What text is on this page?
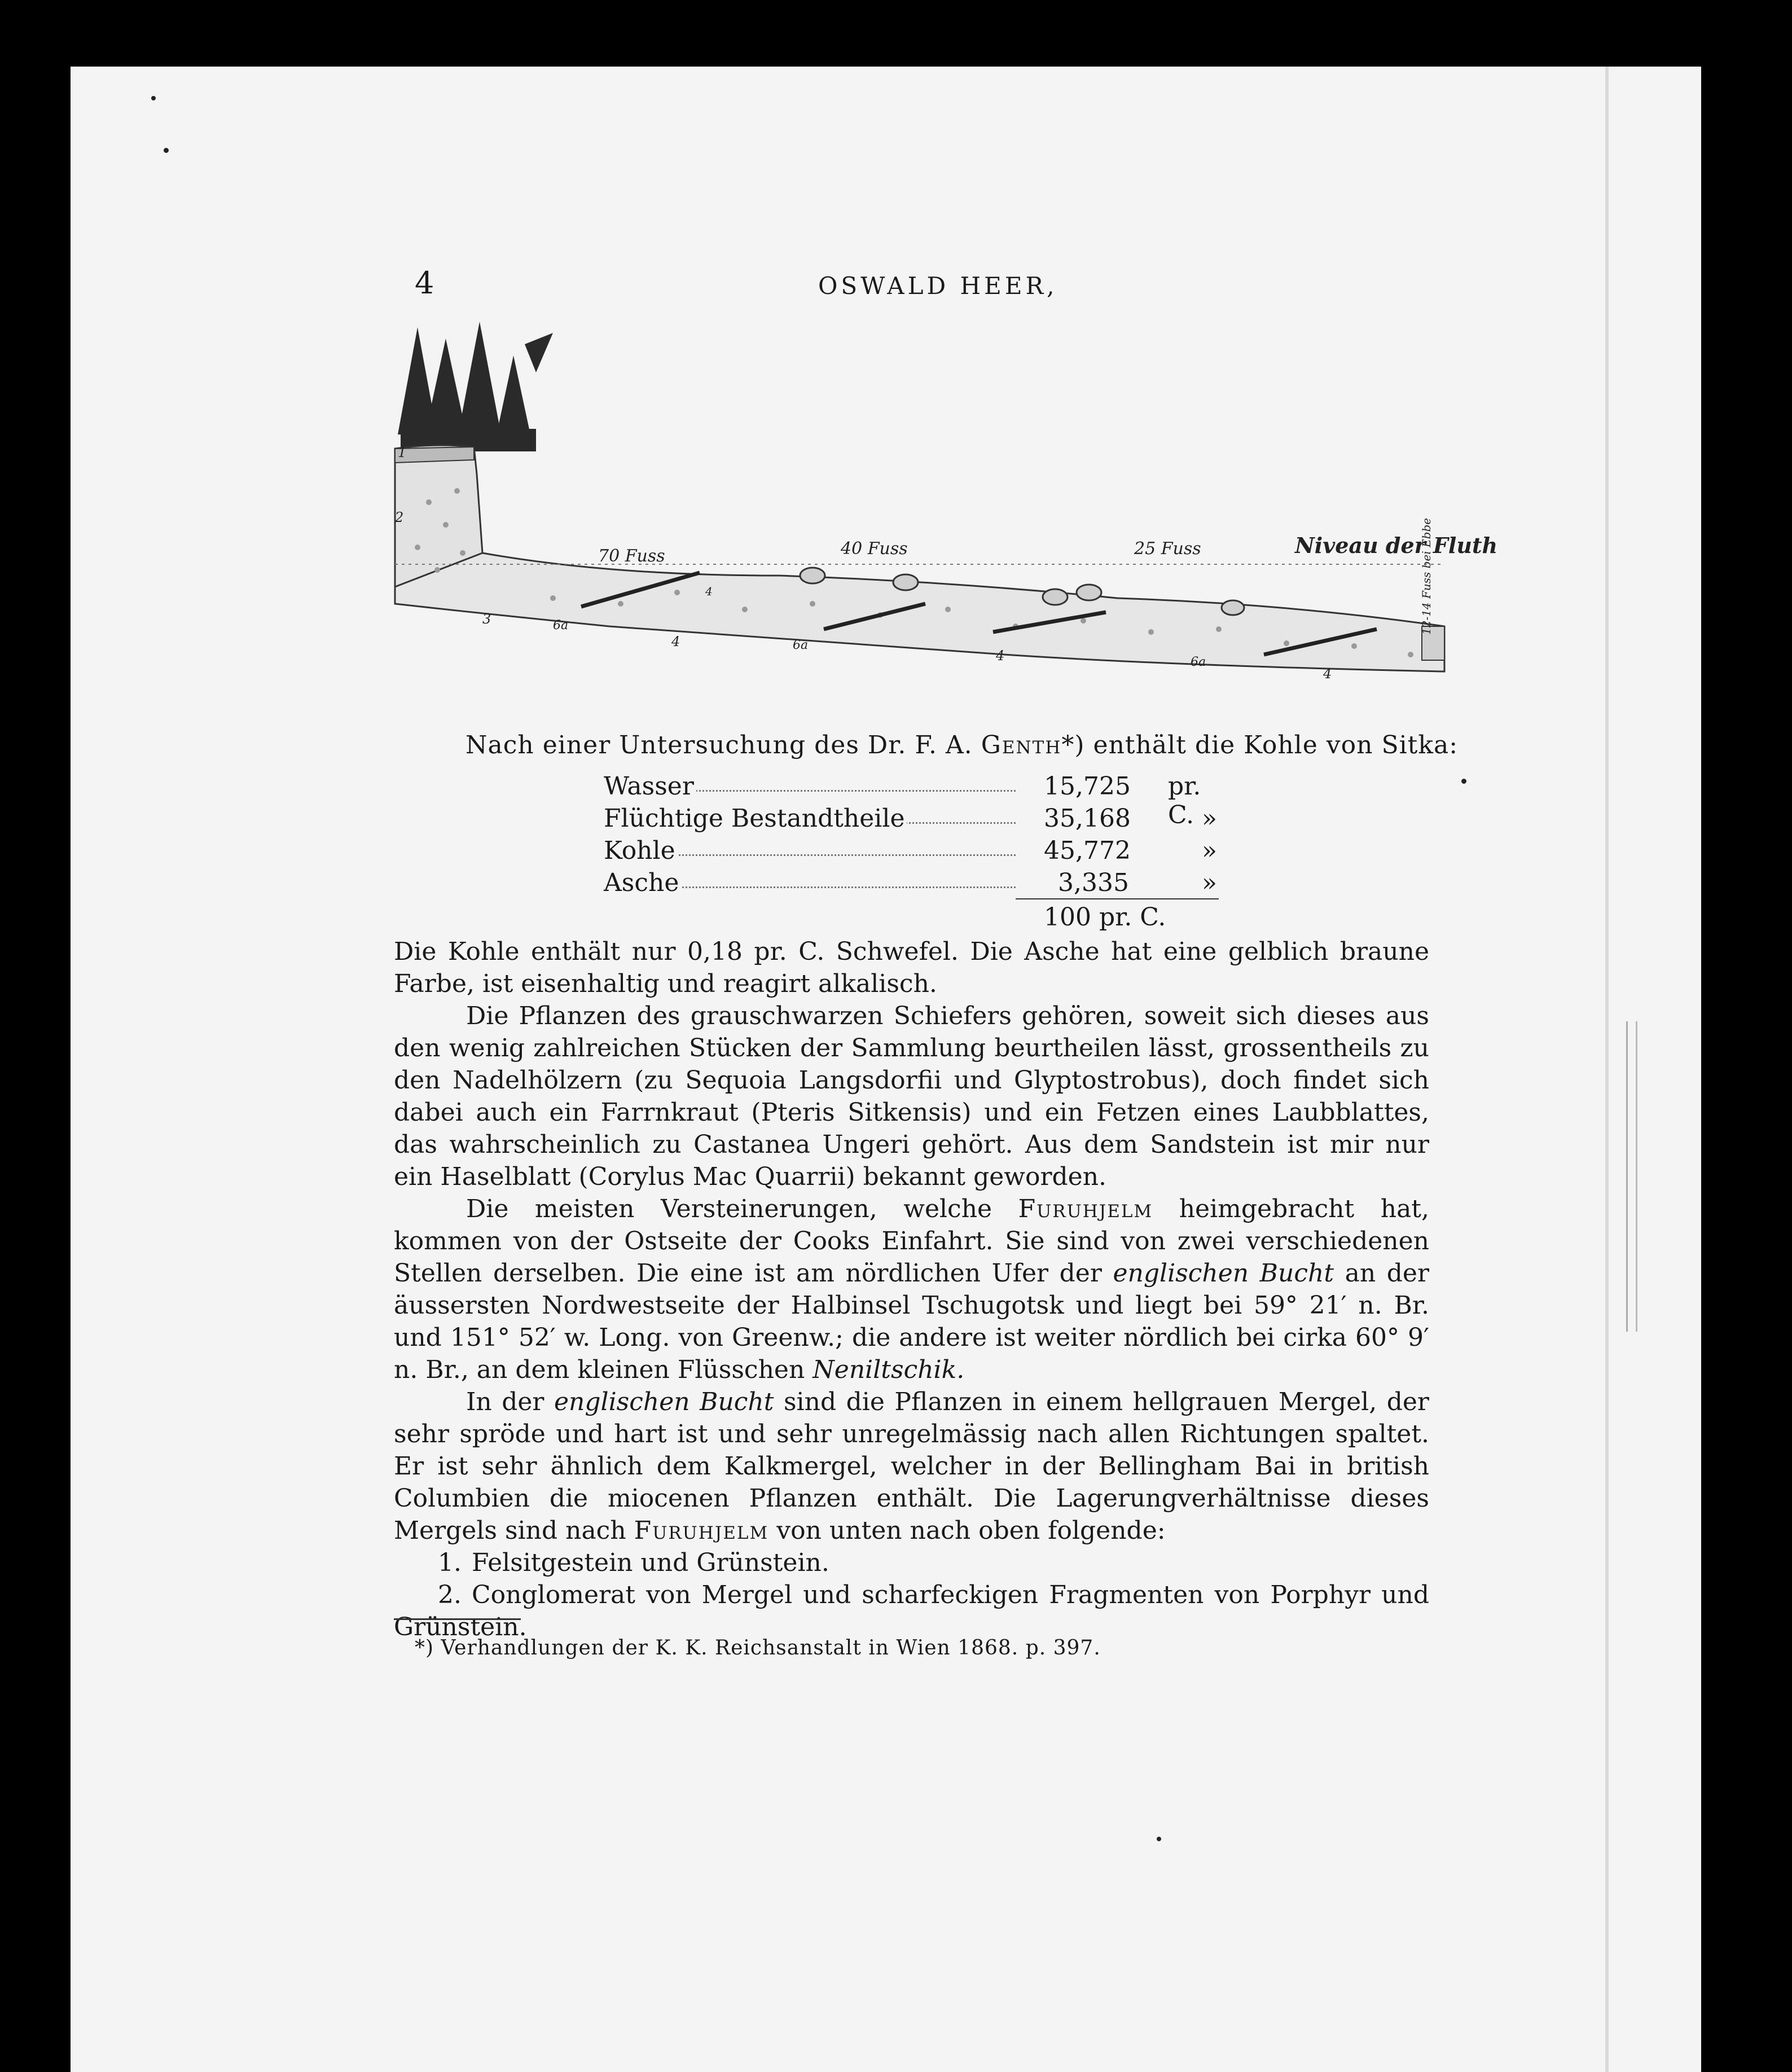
4	OSWALD HEER,
70 Fuss	40 Fuss	25 Fuss	Niveau der Fluth
12-14 Fuss bei Ebbe
1
2
3	6a
4	6a
4	6a
4
4
Nach einer Untersuchung des Dr. F. A. Genth*) enthält die Kohle von Sitka:
Wasser	15,725	pr. C.
Flüchtige Bestandtheile	35,168	»
Kohle	45,772	»
Asche	3,335	»
100 pr. C.

Die Kohle enthält nur 0,18 pr. C. Schwefel. Die Asche hat eine gelblich braune Farbe, ist eisenhaltig und reagirt alkalisch.

Die Pflanzen des grauschwarzen Schiefers gehören, soweit sich dieses aus den wenig zahlreichen Stücken der Sammlung beurtheilen lässt, grossentheils zu den Nadelhölzern (zu Sequoia Langsdorfii und Glyptostrobus), doch findet sich dabei auch ein Farrnkraut (Pteris Sitkensis) und ein Fetzen eines Laubblattes, das wahrscheinlich zu Castanea Ungeri gehört. Aus dem Sandstein ist mir nur ein Haselblatt (Corylus Mac Quarrii) bekannt geworden.

Die meisten Versteinerungen, welche Furuhjelm heimgebracht hat, kommen von der Ostseite der Cooks Einfahrt. Sie sind von zwei verschiedenen Stellen derselben. Die eine ist am nördlichen Ufer der englischen Bucht an der äussersten Nordwestseite der Halbinsel Tschugotsk und liegt bei 59° 21′ n. Br. und 151° 52′ w. Long. von Greenw.; die andere ist weiter nördlich bei cirka 60° 9′ n. Br., an dem kleinen Flüsschen Neniltschik.

In der englischen Bucht sind die Pflanzen in einem hellgrauen Mergel, der sehr spröde und hart ist und sehr unregelmässig nach allen Richtungen spaltet. Er ist sehr ähnlich dem Kalkmergel, welcher in der Bellingham Bai in british Columbien die miocenen Pflanzen enthält. Die Lagerungverhältnisse dieses Mergels sind nach Furuhjelm von unten nach oben folgende:

1. Felsitgestein und Grünstein.
2. Conglomerat von Mergel und scharfeckigen Fragmenten von Porphyr und Grünstein.
*) Verhandlungen der K. K. Reichsanstalt in Wien 1868. p. 397.
